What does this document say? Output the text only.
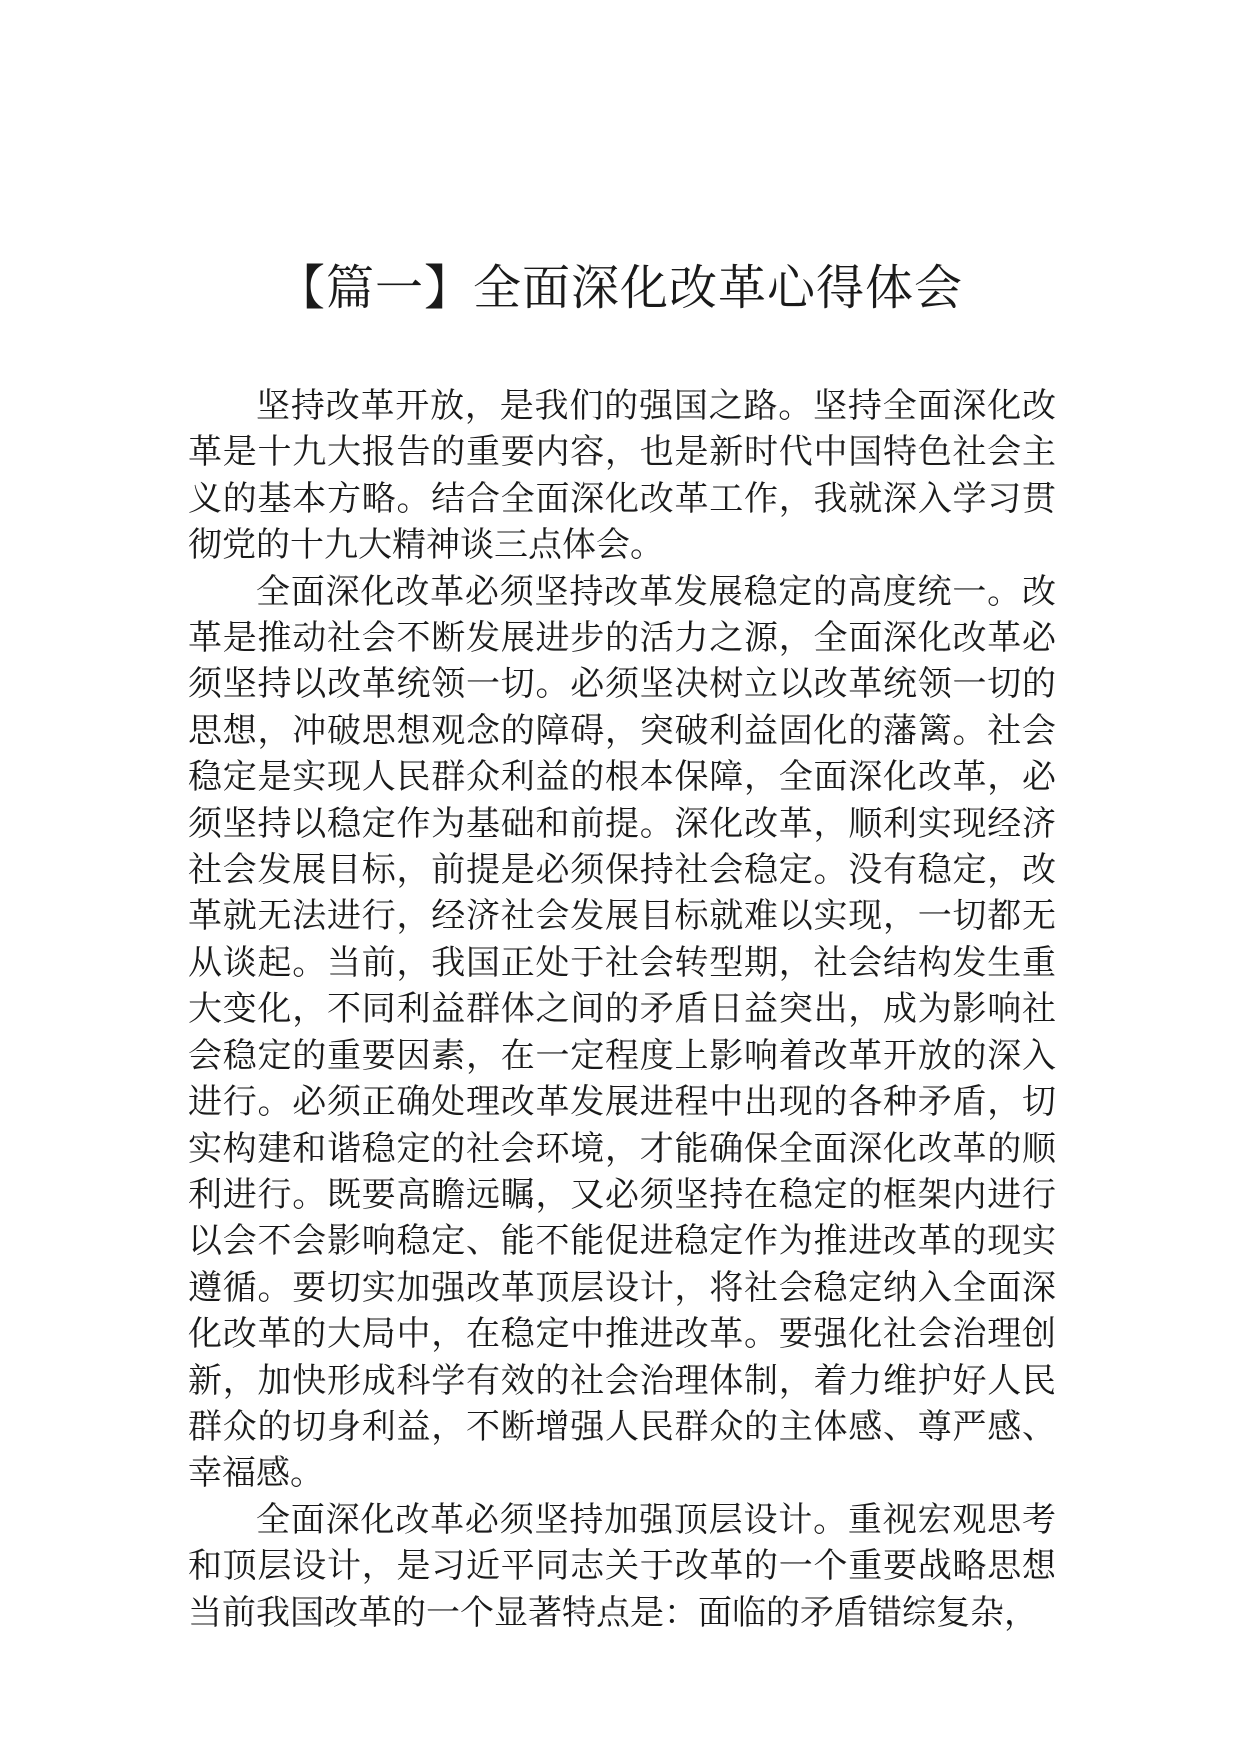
【篇一】全面深化改革心得体会

坚持改革开放，是我们的强国之路。坚持全面深化改革是十九大报告的重要内容，也是新时代中国特色社会主义的基本方略。结合全面深化改革工作，我就深入学习贯彻党的十九大精神谈三点体会。

全面深化改革必须坚持改革发展稳定的高度统一。改革是推动社会不断发展进步的活力之源，全面深化改革必须坚持以改革统领一切。必须坚决树立以改革统领一切的思想，冲破思想观念的障碍，突破利益固化的藩篱。社会稳定是实现人民群众利益的根本保障，全面深化改革，必须坚持以稳定作为基础和前提。深化改革，顺利实现经济社会发展目标，前提是必须保持社会稳定。没有稳定，改革就无法进行，经济社会发展目标就难以实现，一切都无从谈起。当前，我国正处于社会转型期，社会结构发生重大变化，不同利益群体之间的矛盾日益突出，成为影响社会稳定的重要因素，在一定程度上影响着改革开放的深入进行。必须正确处理改革发展进程中出现的各种矛盾，切实构建和谐稳定的社会环境，才能确保全面深化改革的顺利进行。既要高瞻远瞩，又必须坚持在稳定的框架内进行以会不会影响稳定、能不能促进稳定作为推进改革的现实遵循。要切实加强改革顶层设计，将社会稳定纳入全面深化改革的大局中，在稳定中推进改革。要强化社会治理创新，加快形成科学有效的社会治理体制，着力维护好人民群众的切身利益，不断增强人民群众的主体感、尊严感、幸福感。

全面深化改革必须坚持加强顶层设计。重视宏观思考和顶层设计，是习近平同志关于改革的一个重要战略思想当前我国改革的一个显著特点是：面临的矛盾错综复杂，
